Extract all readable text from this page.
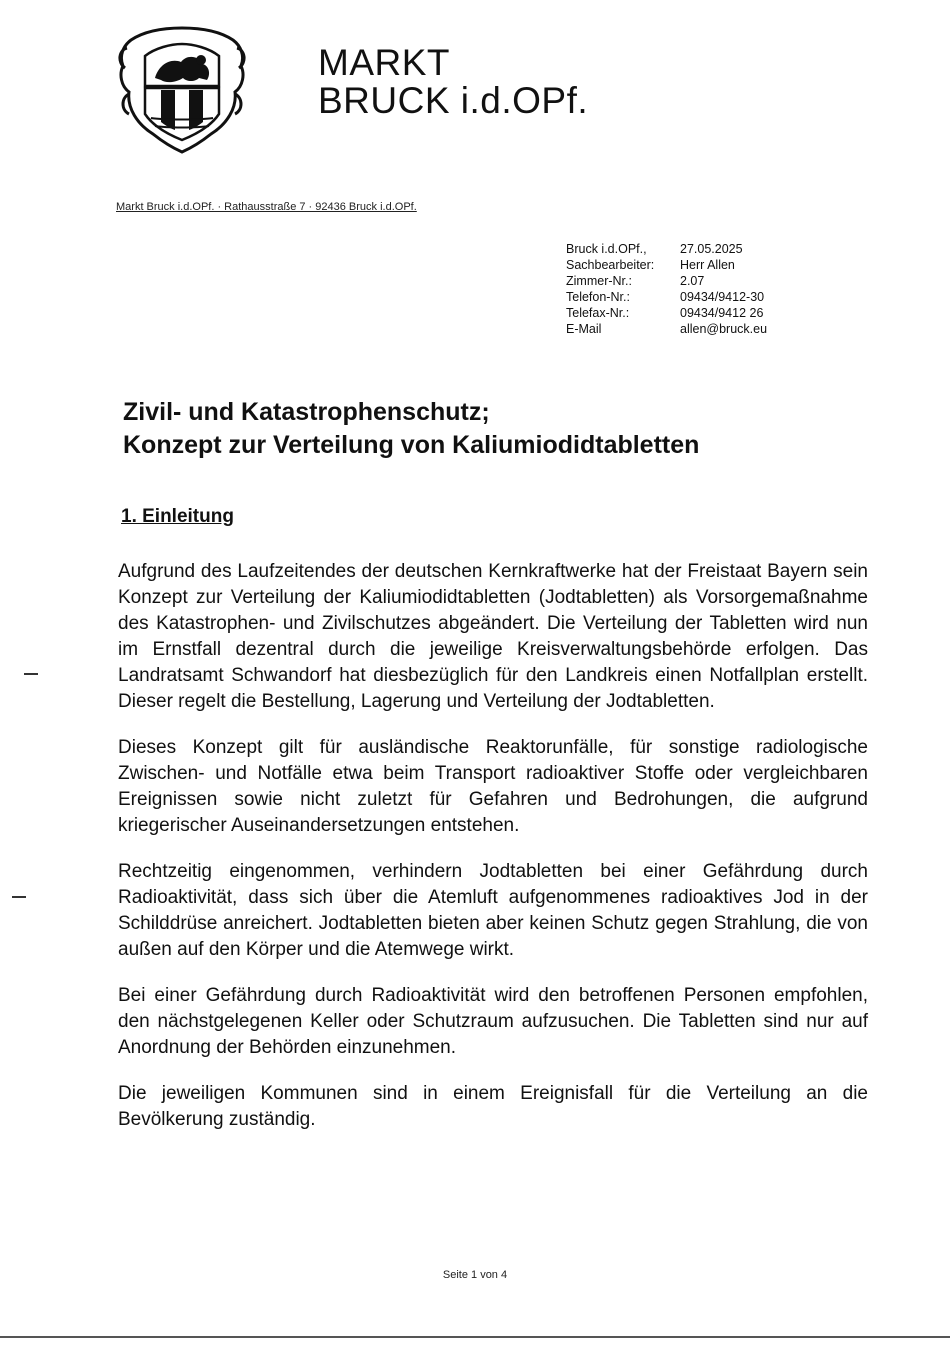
MARKT
BRUCK i.d.OPf.
Markt Bruck i.d.OPf. · Rathausstraße 7 · 92436 Bruck i.d.OPf.
Bruck i.d.OPf.,	27.05.2025
Sachbearbeiter:	Herr Allen
Zimmer-Nr.:	2.07
Telefon-Nr.:	09434/9412-30
Telefax-Nr.:	09434/9412 26
E-Mail	allen@bruck.eu
Zivil- und Katastrophenschutz;
Konzept zur Verteilung von Kaliumiodidtabletten
1. Einleitung

Aufgrund des Laufzeitendes der deutschen Kernkraftwerke hat der Freistaat Bayern sein Konzept zur Verteilung der Kaliumiodidtabletten (Jodtabletten) als Vorsorgemaßnahme des Katastrophen- und Zivilschutzes abgeändert. Die Verteilung der Tabletten wird nun im Ernstfall dezentral durch die jeweilige Kreisverwaltungsbehörde erfolgen. Das Landratsamt Schwandorf hat diesbezüglich für den Landkreis einen Notfallplan erstellt. Dieser regelt die Bestellung, Lagerung und Verteilung der Jodtabletten.

Dieses Konzept gilt für ausländische Reaktorunfälle, für sonstige radiologische Zwischen- und Notfälle etwa beim Transport radioaktiver Stoffe oder vergleichbaren Ereignissen sowie nicht zuletzt für Gefahren und Bedrohungen, die aufgrund kriegerischer Auseinandersetzungen entstehen.

Rechtzeitig eingenommen, verhindern Jodtabletten bei einer Gefährdung durch Radioaktivität, dass sich über die Atemluft aufgenommenes radioaktives Jod in der Schilddrüse anreichert. Jodtabletten bieten aber keinen Schutz gegen Strahlung, die von außen auf den Körper und die Atemwege wirkt.

Bei einer Gefährdung durch Radioaktivität wird den betroffenen Personen empfohlen, den nächstgelegenen Keller oder Schutzraum aufzusuchen. Die Tabletten sind nur auf Anordnung der Behörden einzunehmen.

Die jeweiligen Kommunen sind in einem Ereignisfall für die Verteilung an die Bevölkerung zuständig.

Seite 1 von 4
